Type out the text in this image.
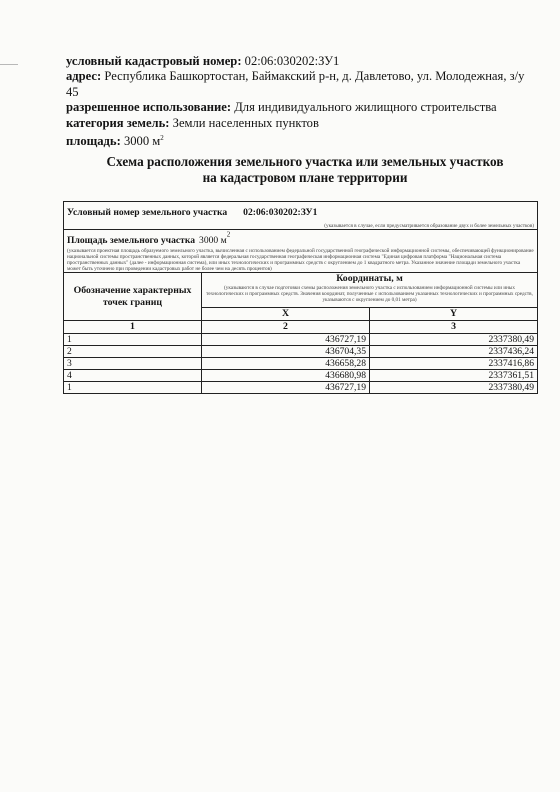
условный кадастровый номер: 02:06:030202:ЗУ1
адрес: Республика Башкортостан, Баймакский р-н, д. Давлетово, ул. Молодежная, з/у 45
разрешенное использование: Для индивидуального жилищного строительства
категория земель: Земли населенных пунктов
площадь: 3000 $м^2$
Схема расположения земельного участка или земельных участков
на кадастровом плане территории
Условный номер земельного участка 02:06:030202:ЗУ1
(указывается в случае, если предусматривается образование двух и более земельных участков)		

Площадь земельного участка 3000 $м^2$
(указывается проектная площадь образуемого земельного участка, вычисленная с использованием федеральной государственной географической информационной системы, обеспечивающей функционирование национальной системы пространственных данных, которой является федеральная государственная географическая информационная система "Единая цифровая платформа "Национальная система пространственных данных" (далее - информационная система), или иных технологических и программных средств с округлением до 1 квадратного метра. Указанное значение площади земельного участка может быть уточнено при проведении кадастровых работ не более чем на десять процентов)		

Обозначение характерных точек границ	Координаты, м
(указываются в случае подготовки схемы расположения земельного участка с использованием информационной системы или иных технологических и программных средств. Значения координат, полученные с использованием указанных технологических и программных средств, указываются с округлением до 0,01 метра)	

	X	Y
1	2	3
1	436727,19	2337380,49
2	436704,35	2337436,24
3	436658,28	2337416,86
4	436680,98	2337361,51
1	436727,19	2337380,49
